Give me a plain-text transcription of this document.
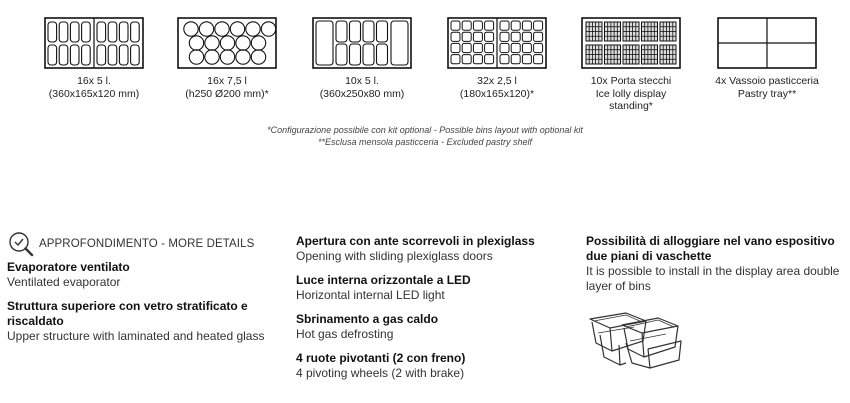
16x 5 l.
(360x165x120 mm)
16x 7,5 l
(h250 Ø200 mm)*
10x 5 l.
(360x250x80 mm)
32x 2,5 l
(180x165x120)*
10x Porta stecchi
Ice lolly display
standing*
4x Vassoio pasticceria
Pastry tray**
*Configurazione possibile con kit optional - Possible bins layout with optional kit
**Esclusa mensola pasticceria - Excluded pastry shelf
APPROFONDIMENTO - MORE DETAILS
Evaporatore ventilato
Ventilated evaporator
Struttura superiore con vetro stratificato e riscaldato
Upper structure with laminated and heated glass
Apertura con ante scorrevoli in plexiglass
Opening with sliding plexiglass doors
Luce interna orizzontale a LED
Horizontal internal LED light
Sbrinamento a gas caldo
Hot gas defrosting
4 ruote pivotanti (2 con freno)
4 pivoting wheels (2 with brake)
Possibilità di alloggiare nel vano espositivo due piani di vaschette
It is possible to install in the display area double layer of bins
